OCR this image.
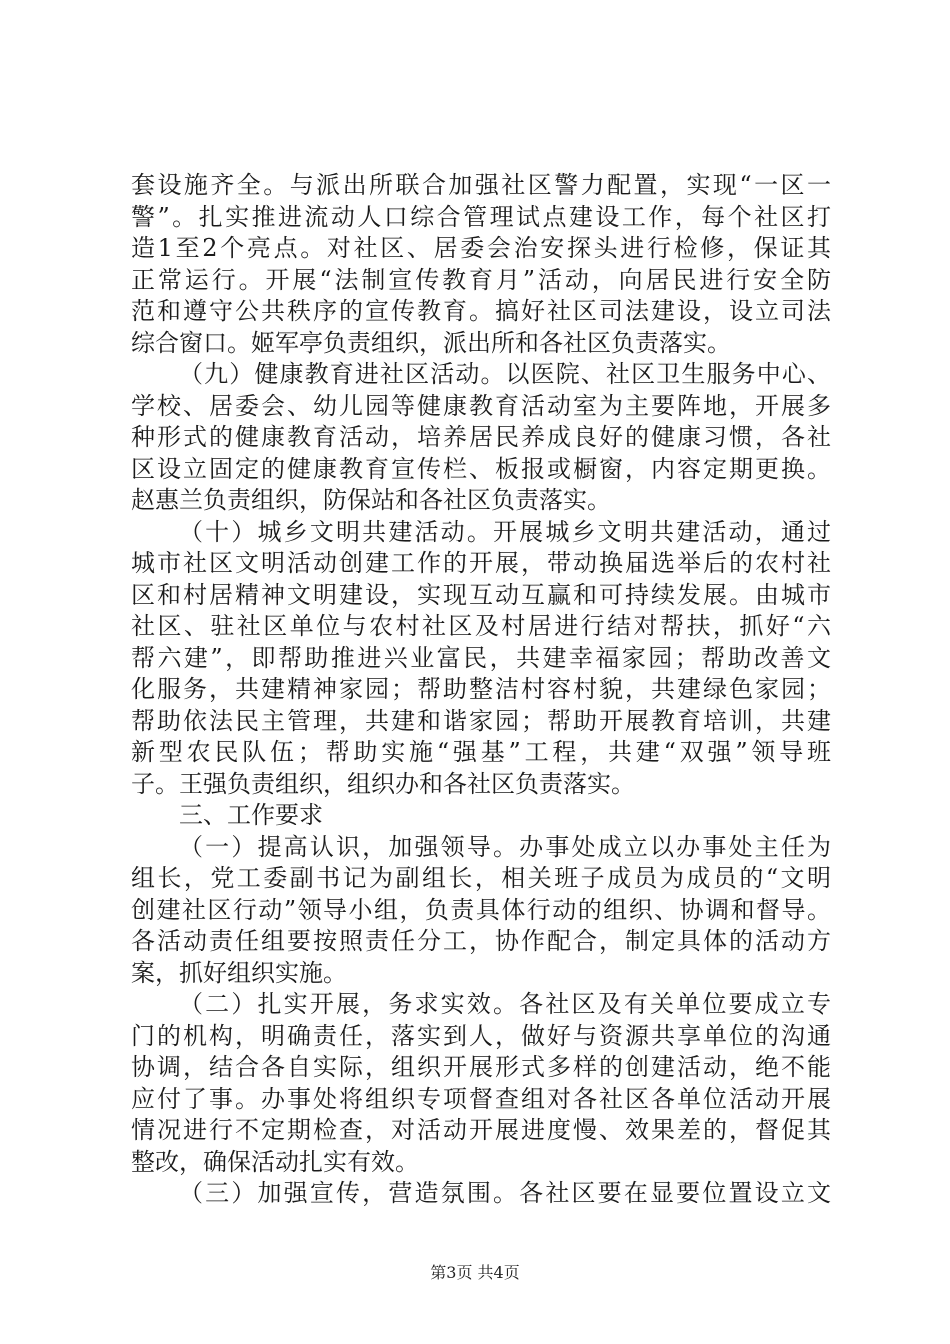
套设施齐全。与派出所联合加强社区警力配置，实现“一区一
警”。扎实推进流动人口综合管理试点建设工作，每个社区打
造1至2个亮点。对社区、居委会治安探头进行检修，保证其
正常运行。开展“法制宣传教育月”活动，向居民进行安全防
范和遵守公共秩序的宣传教育。搞好社区司法建设，设立司法
综合窗口。姬军亭负责组织，派出所和各社区负责落实。
（九）健康教育进社区活动。以医院、社区卫生服务中心、
学校、居委会、幼儿园等健康教育活动室为主要阵地，开展多
种形式的健康教育活动，培养居民养成良好的健康习惯，各社
区设立固定的健康教育宣传栏、板报或橱窗，内容定期更换。
赵惠兰负责组织，防保站和各社区负责落实。
（十）城乡文明共建活动。开展城乡文明共建活动，通过
城市社区文明活动创建工作的开展，带动换届选举后的农村社
区和村居精神文明建设，实现互动互赢和可持续发展。由城市
社区、驻社区单位与农村社区及村居进行结对帮扶，抓好“六
帮六建”，即帮助推进兴业富民，共建幸福家园；帮助改善文
化服务，共建精神家园；帮助整洁村容村貌，共建绿色家园；
帮助依法民主管理，共建和谐家园；帮助开展教育培训，共建
新型农民队伍；帮助实施“强基”工程，共建“双强”领导班
子。王强负责组织，组织办和各社区负责落实。
三、工作要求
（一）提高认识，加强领导。办事处成立以办事处主任为
组长，党工委副书记为副组长，相关班子成员为成员的“文明
创建社区行动”领导小组，负责具体行动的组织、协调和督导。
各活动责任组要按照责任分工，协作配合，制定具体的活动方
案，抓好组织实施。
（二）扎实开展，务求实效。各社区及有关单位要成立专
门的机构，明确责任，落实到人，做好与资源共享单位的沟通
协调，结合各自实际，组织开展形式多样的创建活动，绝不能
应付了事。办事处将组织专项督查组对各社区各单位活动开展
情况进行不定期检查，对活动开展进度慢、效果差的，督促其
整改，确保活动扎实有效。
（三）加强宣传，营造氛围。各社区要在显要位置设立文
第3页 共4页
